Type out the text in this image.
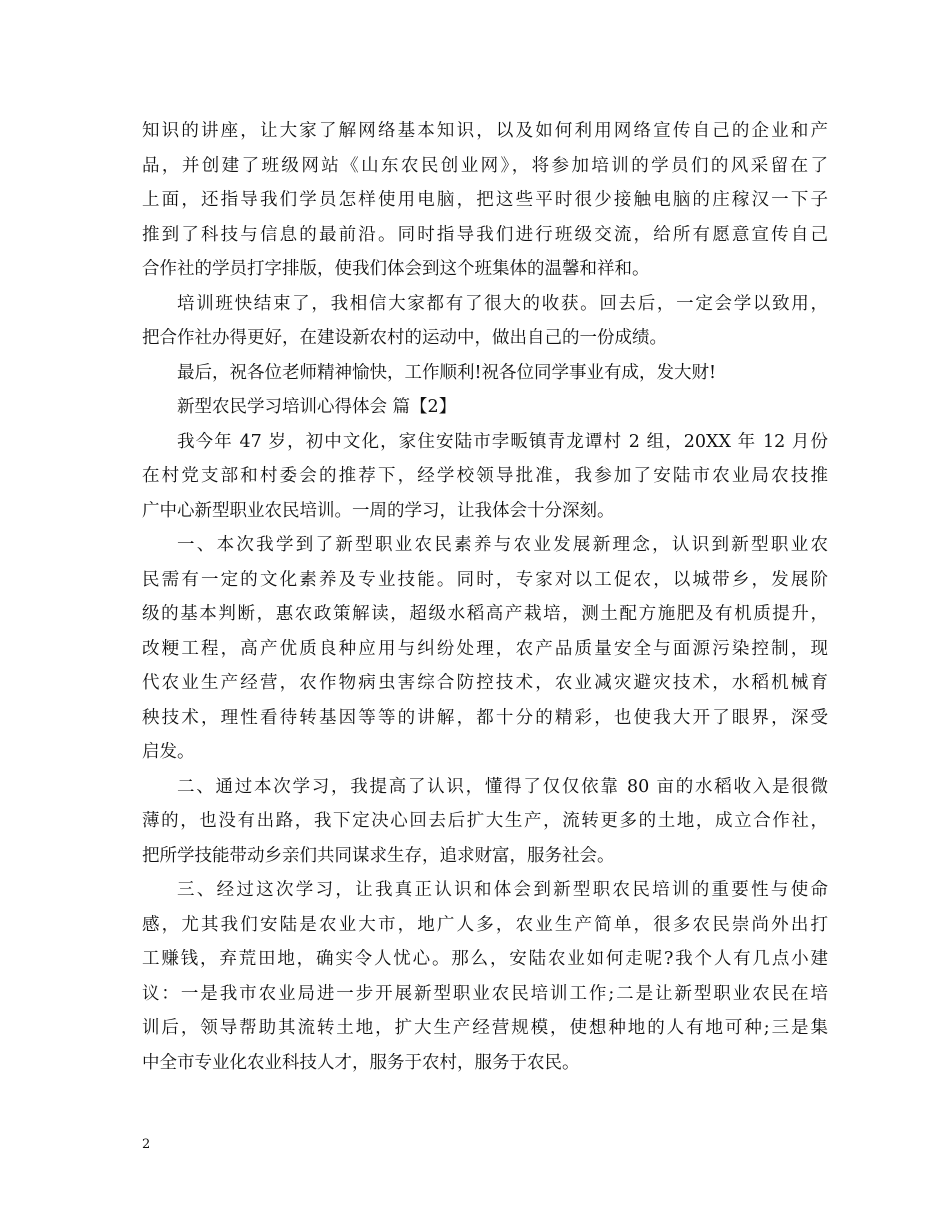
知识的讲座，让大家了解网络基本知识，以及如何利用网络宣传自己的企业和产
品，并创建了班级网站《山东农民创业网》，将参加培训的学员们的风采留在了
上面，还指导我们学员怎样使用电脑，把这些平时很少接触电脑的庄稼汉一下子
推到了科技与信息的最前沿。同时指导我们进行班级交流，给所有愿意宣传自己
合作社的学员打字排版，使我们体会到这个班集体的温馨和祥和。
培训班快结束了，我相信大家都有了很大的收获。回去后，一定会学以致用，
把合作社办得更好，在建设新农村的运动中，做出自己的一份成绩。
最后，祝各位老师精神愉快，工作顺利!祝各位同学事业有成，发大财!
新型农民学习培训心得体会 篇【2】
我今年 47 岁，初中文化，家住安陆市孛畈镇青龙谭村 2 组，20XX 年 12 月份
在村党支部和村委会的推荐下，经学校领导批准，我参加了安陆市农业局农技推
广中心新型职业农民培训。一周的学习，让我体会十分深刻。
一、本次我学到了新型职业农民素养与农业发展新理念，认识到新型职业农
民需有一定的文化素养及专业技能。同时，专家对以工促农，以城带乡，发展阶
级的基本判断，惠农政策解读，超级水稻高产栽培，测土配方施肥及有机质提升，
改粳工程，高产优质良种应用与纠纷处理，农产品质量安全与面源污染控制，现
代农业生产经营，农作物病虫害综合防控技术，农业减灾避灾技术，水稻机械育
秧技术，理性看待转基因等等的讲解，都十分的精彩，也使我大开了眼界，深受
启发。
二、通过本次学习，我提高了认识，懂得了仅仅依靠 80 亩的水稻收入是很微
薄的，也没有出路，我下定决心回去后扩大生产，流转更多的土地，成立合作社，
把所学技能带动乡亲们共同谋求生存，追求财富，服务社会。
三、经过这次学习，让我真正认识和体会到新型职农民培训的重要性与使命
感，尤其我们安陆是农业大市，地广人多，农业生产简单，很多农民崇尚外出打
工赚钱，弃荒田地，确实令人忧心。那么，安陆农业如何走呢?我个人有几点小建
议：一是我市农业局进一步开展新型职业农民培训工作;二是让新型职业农民在培
训后，领导帮助其流转土地，扩大生产经营规模，使想种地的人有地可种;三是集
中全市专业化农业科技人才，服务于农村，服务于农民。
2
